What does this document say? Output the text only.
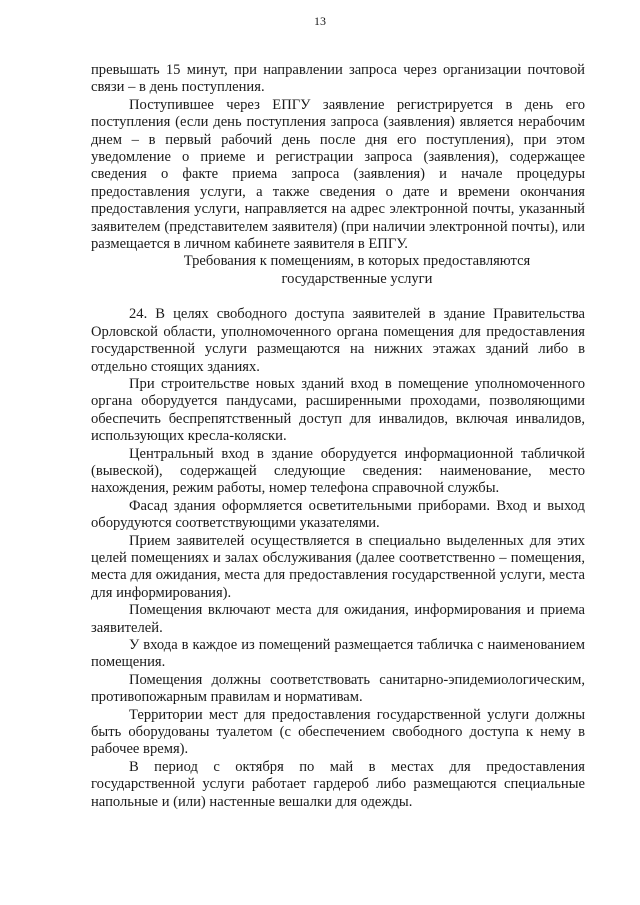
13

превышать 15 минут, при направлении запроса через организации почтовой связи – в день поступления.

Поступившее через ЕПГУ заявление регистрируется в день его поступления (если день поступления запроса (заявления) является нерабочим днем – в первый рабочий день после дня его поступления), при этом уведомление о приеме и регистрации запроса (заявления), содержащее сведения о факте приема запроса (заявления) и начале процедуры предоставления услуги, а также сведения о дате и времени окончания предоставления услуги, направляется на адрес электронной почты, указанный заявителем (представителем заявителя) (при наличии электронной почты), или размещается в личном кабинете заявителя в ЕПГУ.

Требования к помещениям, в которых предоставляются
государственные услуги

24. В целях свободного доступа заявителей в здание Правительства Орловской области, уполномоченного органа помещения для предоставления государственной услуги размещаются на нижних этажах зданий либо в отдельно стоящих зданиях.

При строительстве новых зданий вход в помещение уполномоченного органа оборудуется пандусами, расширенными проходами, позволяющими обеспечить беспрепятственный доступ для инвалидов, включая инвалидов, использующих кресла-коляски.

Центральный вход в здание оборудуется информационной табличкой (вывеской), содержащей следующие сведения: наименование, место нахождения, режим работы, номер телефона справочной службы.

Фасад здания оформляется осветительными приборами. Вход и выход оборудуются соответствующими указателями.

Прием заявителей осуществляется в специально выделенных для этих целей помещениях и залах обслуживания (далее соответственно – помещения, места для ожидания, места для предоставления государственной услуги, места для информирования).

Помещения включают места для ожидания, информирования и приема заявителей.

У входа в каждое из помещений размещается табличка с наименованием помещения.

Помещения должны соответствовать санитарно-эпидемиологическим, противопожарным правилам и нормативам.

Территории мест для предоставления государственной услуги должны быть оборудованы туалетом (с обеспечением свободного доступа к нему в рабочее время).

В период с октября по май в местах для предоставления государственной услуги работает гардероб либо размещаются специальные напольные и (или) настенные вешалки для одежды.
